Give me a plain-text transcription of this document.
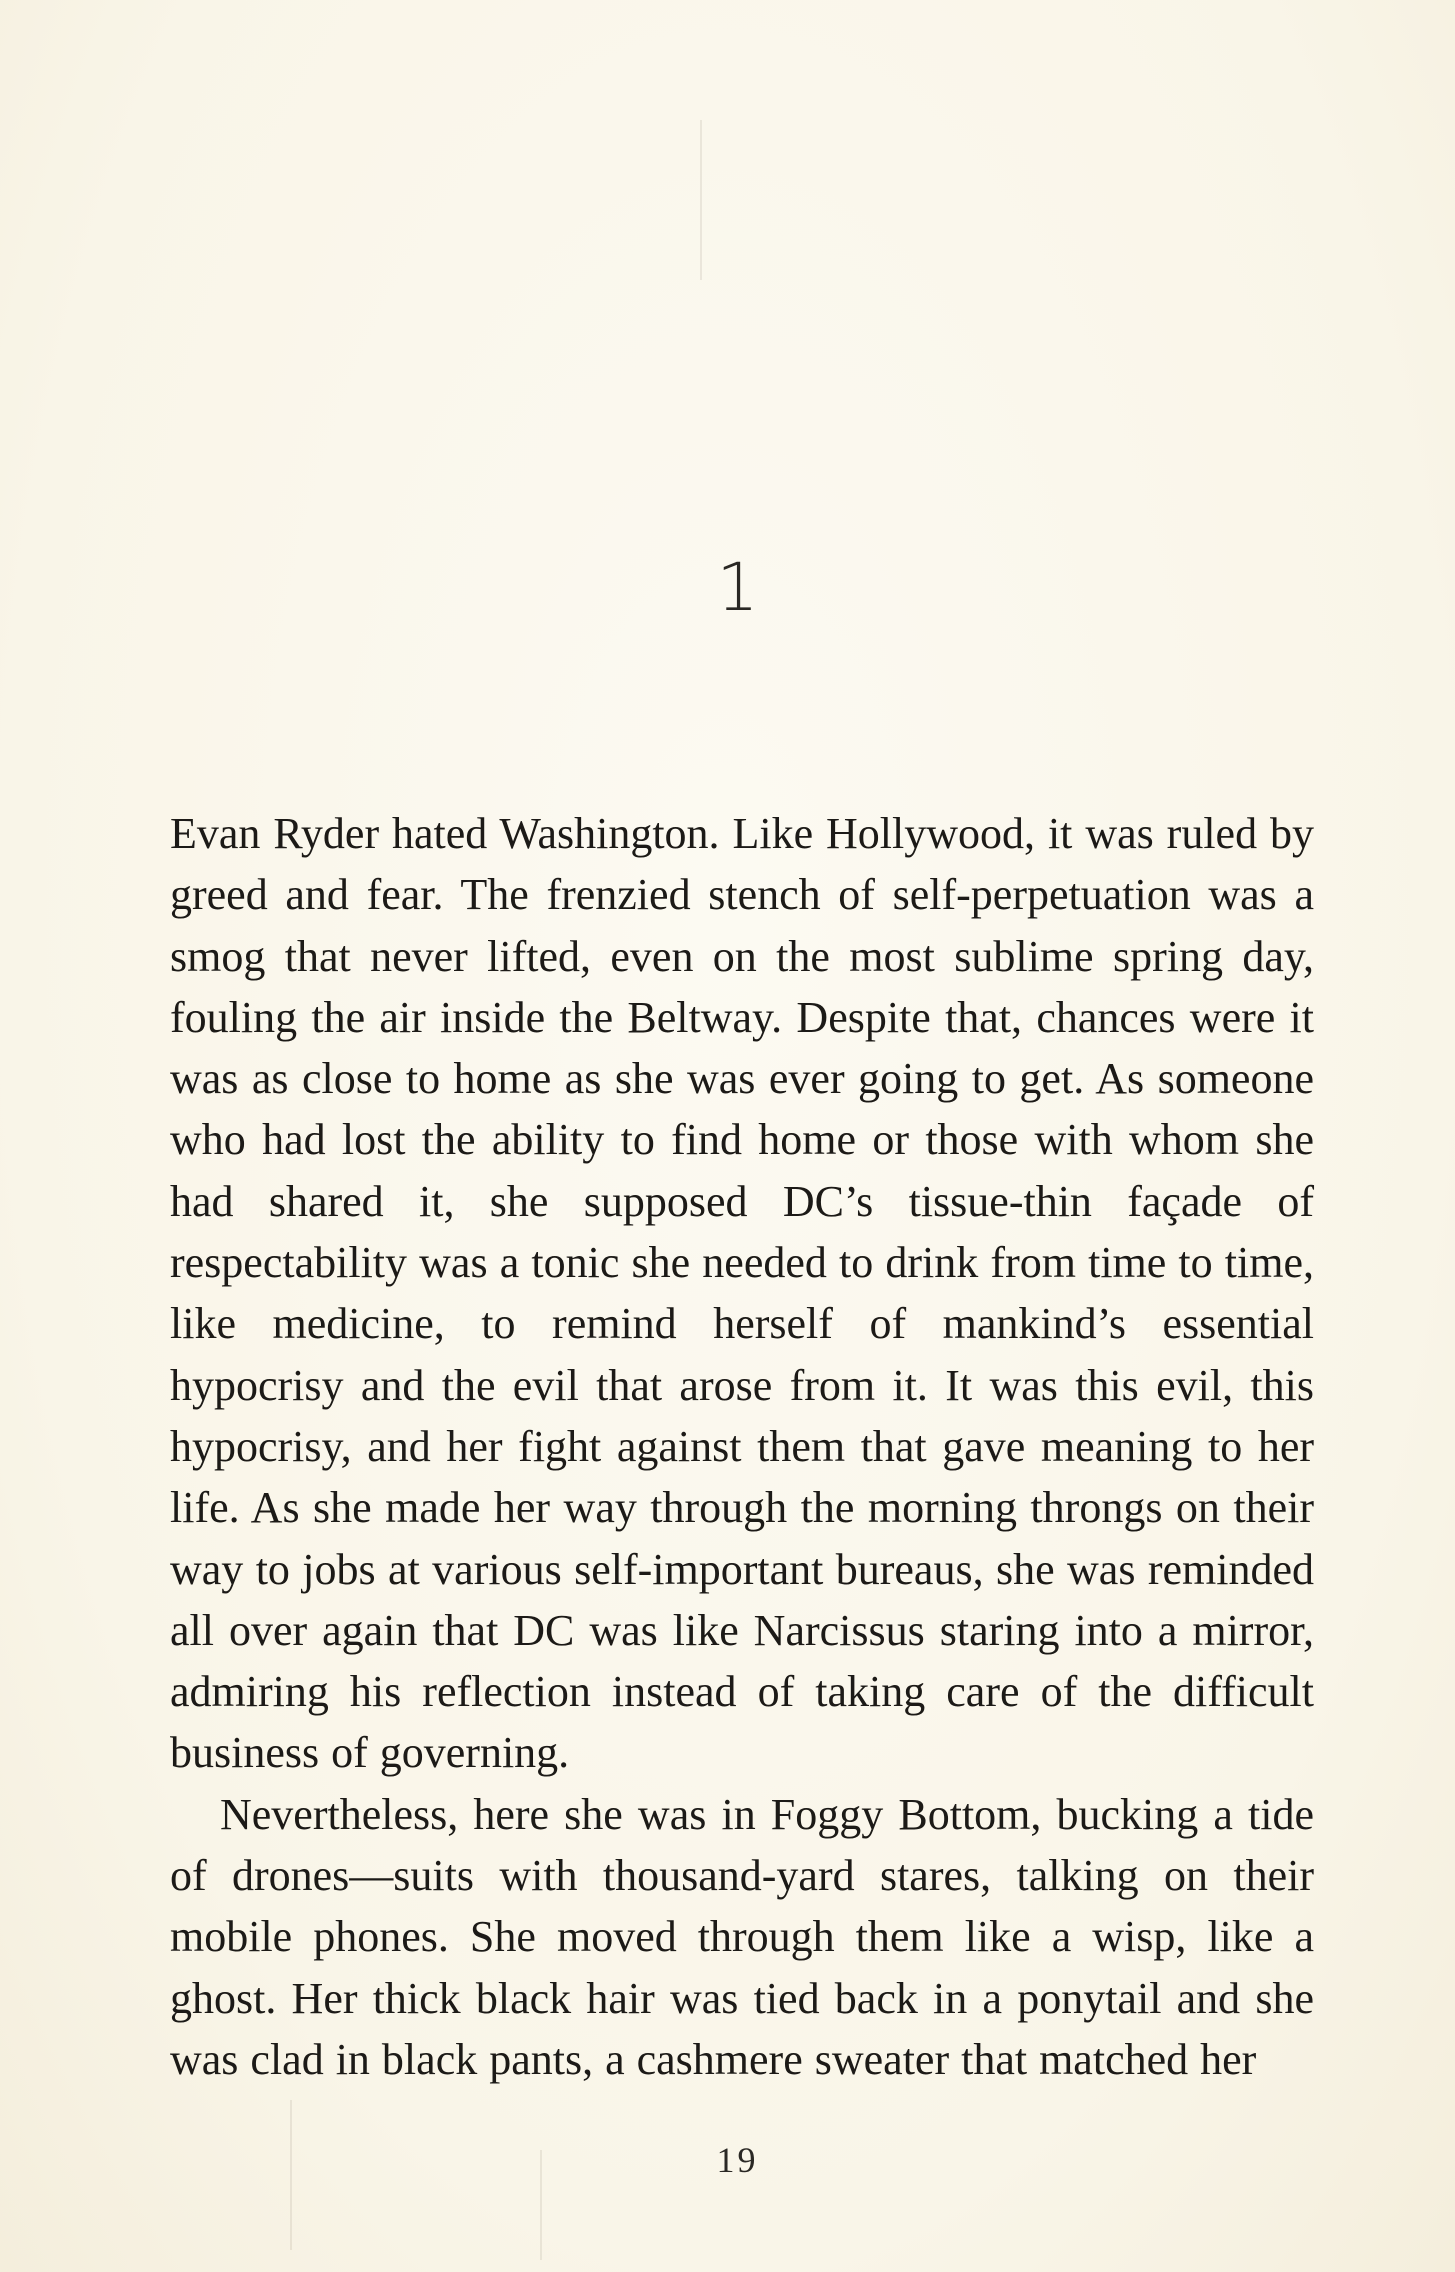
1

Evan Ryder hated Washington. Like Hollywood, it was ruled by greed and fear. The frenzied stench of self-perpetuation was a smog that never lifted, even on the most sublime spring day, fouling the air inside the Beltway. Despite that, chances were it was as close to home as she was ever going to get. As someone who had lost the ability to find home or those with whom she had shared it, she supposed DC’s tissue-thin façade of respectability was a tonic she needed to drink from time to time, like medicine, to remind herself of mankind’s essential hypocrisy and the evil that arose from it. It was this evil, this hypocrisy, and her fight against them that gave meaning to her life. As she made her way through the morning throngs on their way to jobs at various self-important bureaus, she was reminded all over again that DC was like Narcissus staring into a mirror, admiring his reflection instead of taking care of the difficult business of governing.

Nevertheless, here she was in Foggy Bottom, bucking a tide of drones—suits with thousand-yard stares, talking on their mobile phones. She moved through them like a wisp, like a ghost. Her thick black hair was tied back in a ponytail and she was clad in black pants, a cashmere sweater that matched her

19
